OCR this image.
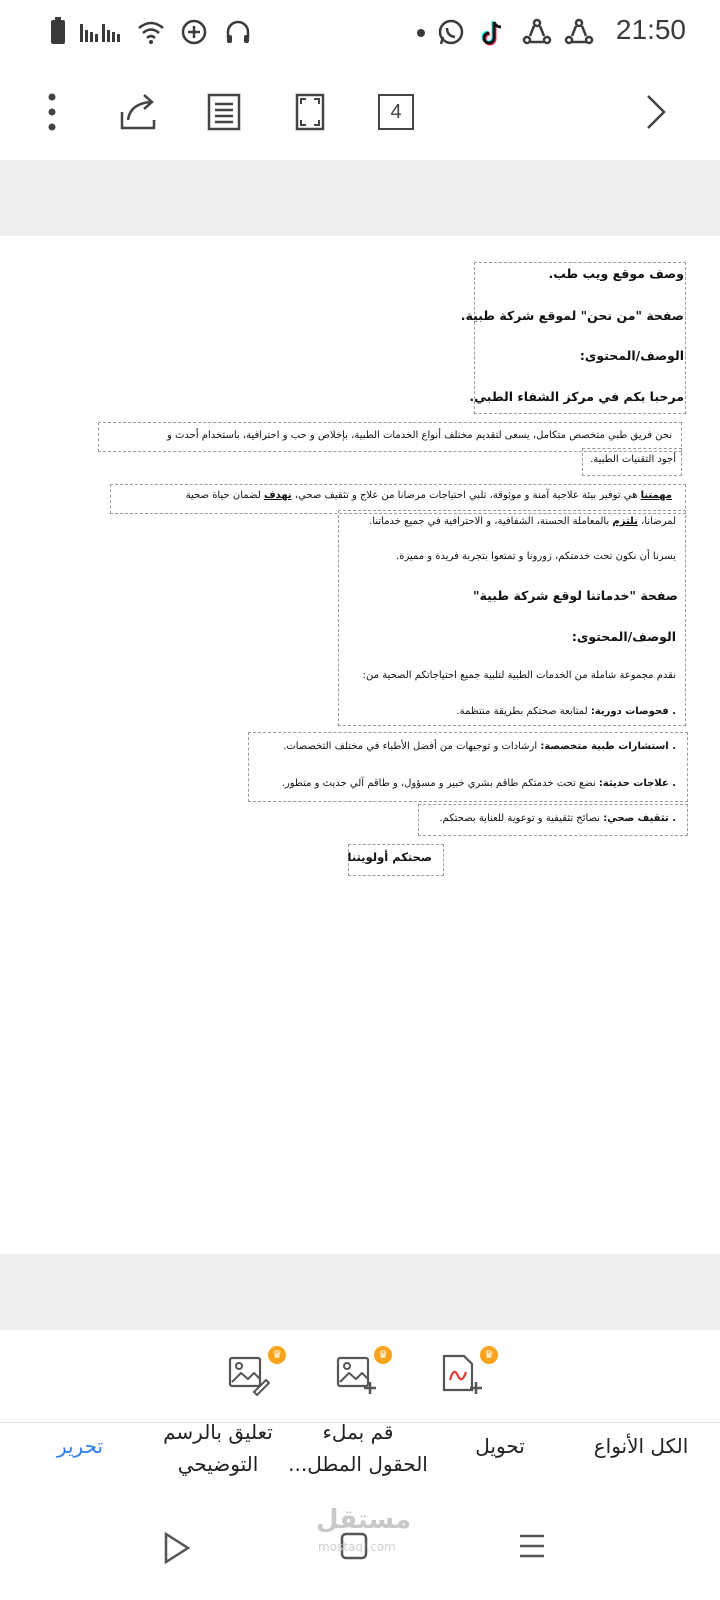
21:50
4
وصف موقع ويب طب.
صفحة "من نحن" لموقع شركة طبية.
الوصف/المحتوى:
مرحبا بكم في مركز الشفاء الطبي.
نحن فريق طبي متخصص متكامل، يسعى لتقديم مختلف أنواع الخدمات الطبية، بإخلاص و حب و احترافية، باستخدام أحدث و
أجود التقنيات الطبية.
مهمتنا هي توفير بيئة علاجية آمنة و موثوقة، تلبي احتياجات مرضانا من علاج و تثقيف صحي، نهدف لضمان حياة صحية
لمرضانا، نلتزم بالمعاملة الحسنة، الشفافية، و الاحترافية في جميع خدماتنا.
يسرنا أن نكون تحت خدمتكم، زورونا و تمتعوا بتجربة فريدة و مميزة.
صفحة "خدماتنا لوقع شركة طبية"
الوصف/المحتوى:
نقدم مجموعة شاملة من الخدمات الطبية لتلبية جميع احتياجاتكم الصحية من:
. فحوصات دورية: لمتابعة صحتكم بطريقة منتظمة.
. استشارات طبية متخصصة: ارشادات و توجيهات من أفضل الأطباء في مختلف التخصصات.
. علاجات حديثة: نضع تحت خدمتكم طاقم بشري خبير و مسؤول، و طاقم آلي حديث و متطور.
. تثقيف صحي: نصائح تثقيفية و توعوية للعناية بصحتكم.
صحتكم أولويتنا
♛	♛	♛
الكل الأنواع
تحويل
قم بملء
الحقول المطل...
تعليق بالرسم
التوضيحي
تحرير
مستقل
mostaql.com
